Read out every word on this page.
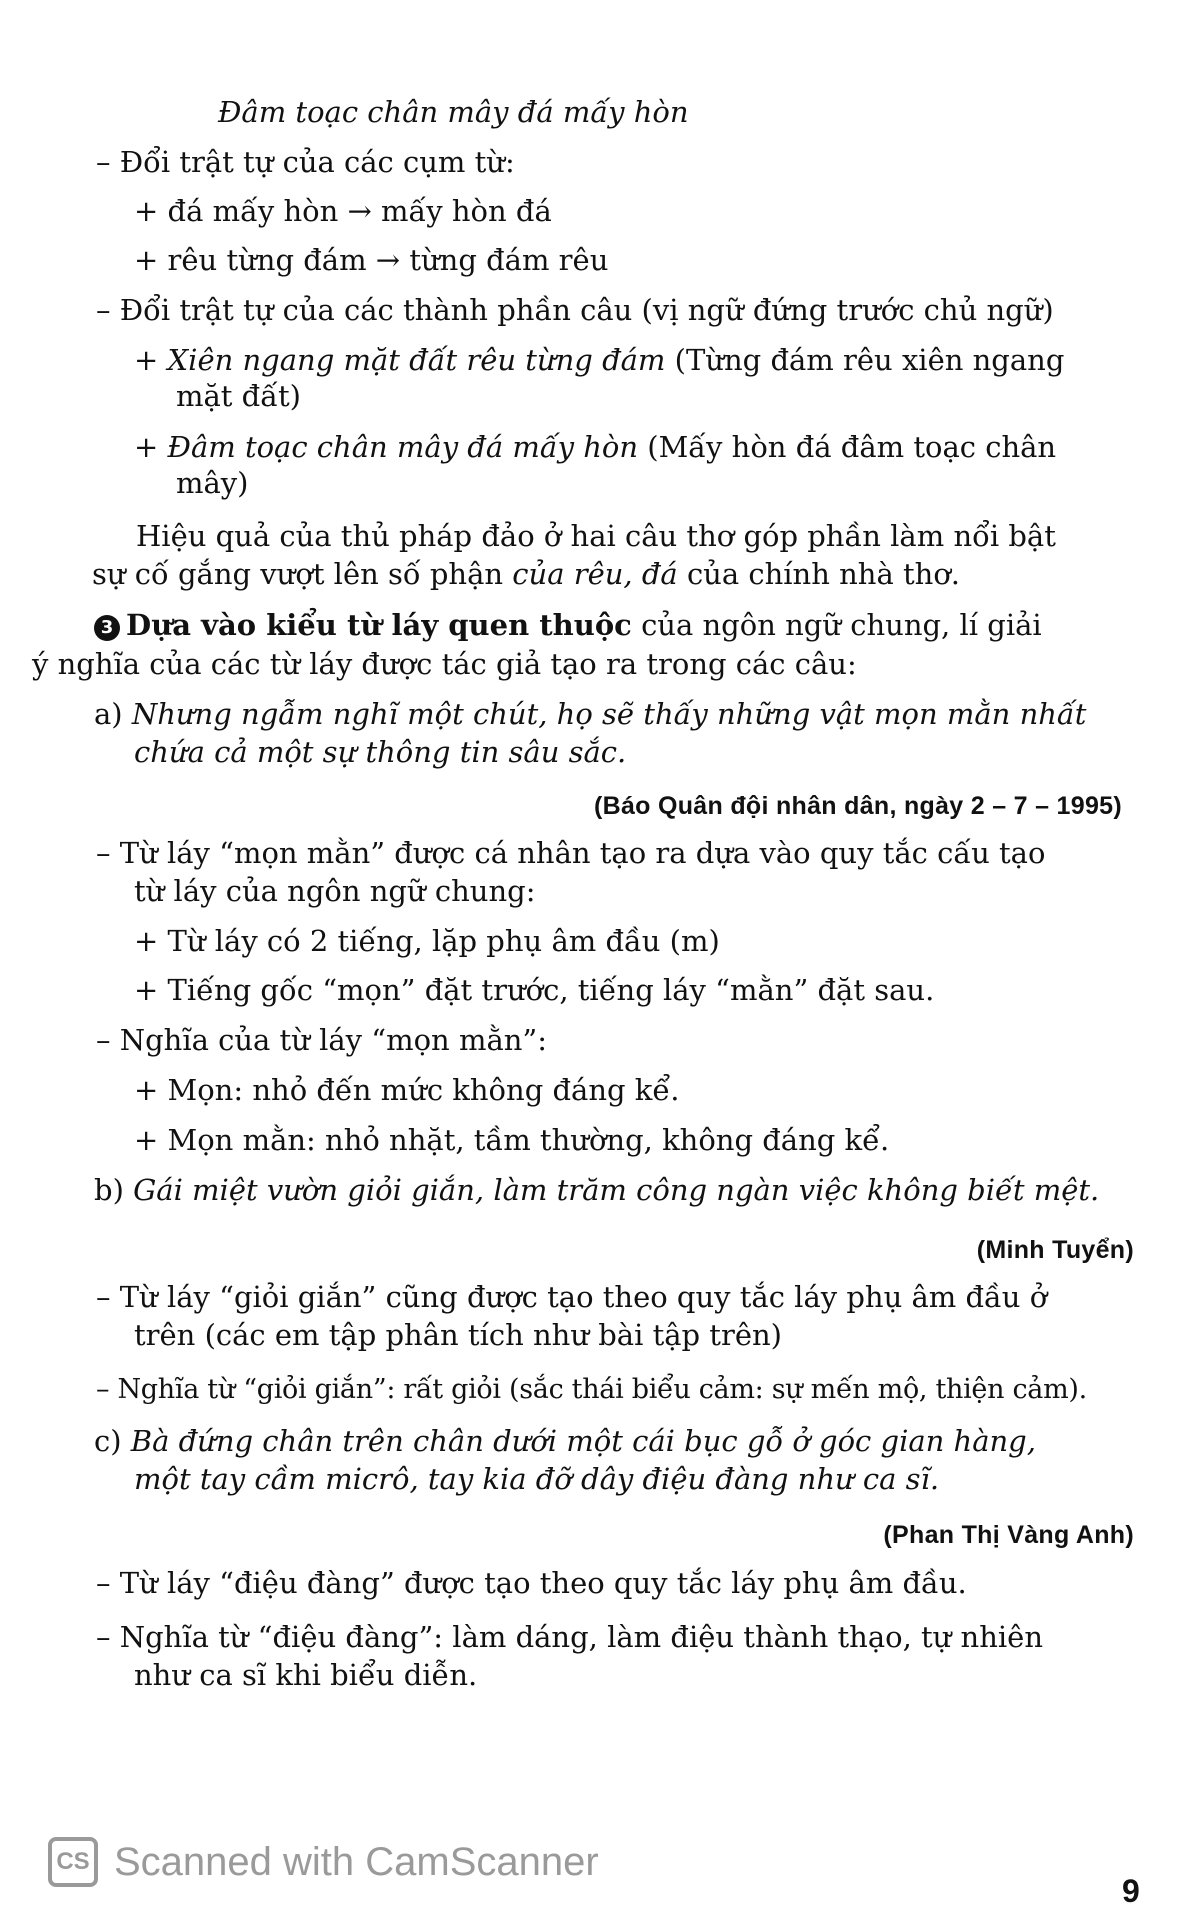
Đâm toạc chân mây đá mấy hòn
– Đổi trật tự của các cụm từ:
+ đá mấy hòn → mấy hòn đá
+ rêu từng đám → từng đám rêu
– Đổi trật tự của các thành phần câu (vị ngữ đứng trước chủ ngữ)
+ Xiên ngang mặt đất rêu từng đám (Từng đám rêu xiên ngang
mặt đất)
+ Đâm toạc chân mây đá mấy hòn (Mấy hòn đá đâm toạc chân
mây)
Hiệu quả của thủ pháp đảo ở hai câu thơ góp phần làm nổi bật
sự cố gắng vượt lên số phận của rêu, đá của chính nhà thơ.
3 Dựa vào kiểu từ láy quen thuộc của ngôn ngữ chung, lí giải
ý nghĩa của các từ láy được tác giả tạo ra trong các câu:
a) Nhưng ngẫm nghĩ một chút, họ sẽ thấy những vật mọn mằn nhất
chứa cả một sự thông tin sâu sắc.
(Báo Quân đội nhân dân, ngày 2 – 7 – 1995)
– Từ láy “mọn mằn” được cá nhân tạo ra dựa vào quy tắc cấu tạo
từ láy của ngôn ngữ chung:
+ Từ láy có 2 tiếng, lặp phụ âm đầu (m)
+ Tiếng gốc “mọn” đặt trước, tiếng láy “mằn” đặt sau.
– Nghĩa của từ láy “mọn mằn”:
+ Mọn: nhỏ đến mức không đáng kể.
+ Mọn mằn: nhỏ nhặt, tầm thường, không đáng kể.
b) Gái miệt vườn giỏi giắn, làm trăm công ngàn việc không biết mệt.
(Minh Tuyển)
– Từ láy “giỏi giắn” cũng được tạo theo quy tắc láy phụ âm đầu ở
trên (các em tập phân tích như bài tập trên)
– Nghĩa từ “giỏi giắn”: rất giỏi (sắc thái biểu cảm: sự mến mộ, thiện cảm).
c) Bà đứng chân trên chân dưới một cái bục gỗ ở góc gian hàng,
một tay cầm micrô, tay kia đỡ dây điệu đàng như ca sĩ.
(Phan Thị Vàng Anh)
– Từ láy “điệu đàng” được tạo theo quy tắc láy phụ âm đầu.
– Nghĩa từ “điệu đàng”: làm dáng, làm điệu thành thạo, tự nhiên
như ca sĩ khi biểu diễn.
CS Scanned with CamScanner
9
